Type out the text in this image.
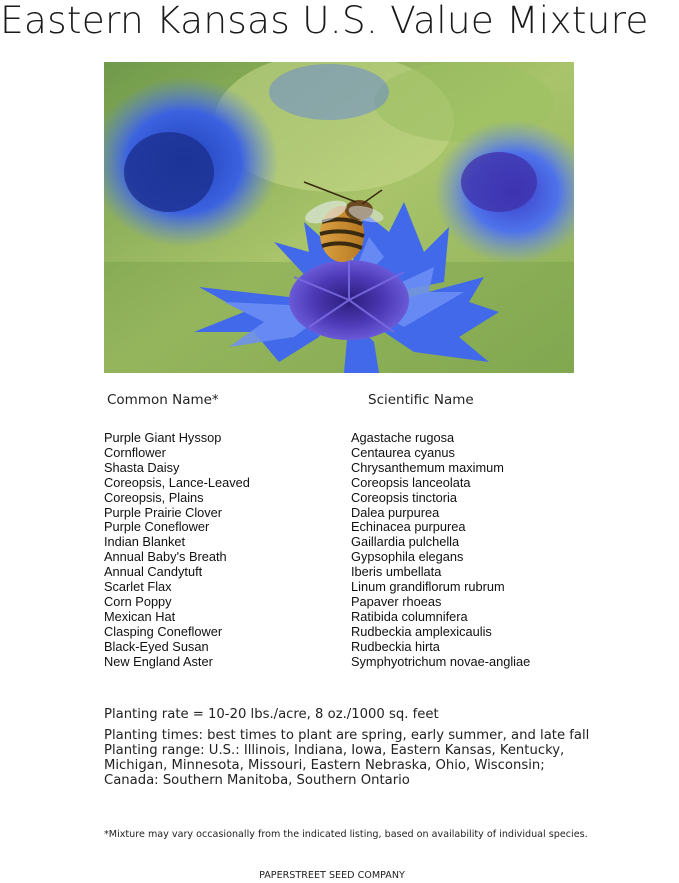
Eastern Kansas U.S. Value Mixture
Common Name*	Scientific Name
Purple Giant Hyssop
Cornflower
Shasta Daisy
Coreopsis, Lance-Leaved
Coreopsis, Plains
Purple Prairie Clover
Purple Coneflower
Indian Blanket
Annual Baby's Breath
Annual Candytuft
Scarlet Flax
Corn Poppy
Mexican Hat
Clasping Coneflower
Black-Eyed Susan
New England Aster
Agastache rugosa
Centaurea cyanus
Chrysanthemum maximum
Coreopsis lanceolata
Coreopsis tinctoria
Dalea purpurea
Echinacea purpurea
Gaillardia pulchella
Gypsophila elegans
Iberis umbellata
Linum grandiflorum rubrum
Papaver rhoeas
Ratibida columnifera
Rudbeckia amplexicaulis
Rudbeckia hirta
Symphyotrichum novae-angliae
Planting rate = 10-20 lbs./acre, 8 oz./1000 sq. feet
Planting times: best times to plant are spring, early summer, and late fall
Planting range: U.S.: Illinois, Indiana, Iowa, Eastern Kansas, Kentucky, Michigan, Minnesota, Missouri, Eastern Nebraska, Ohio, Wisconsin; Canada: Southern Manitoba, Southern Ontario
*Mixture may vary occasionally from the indicated listing, based on availability of individual species.
PAPERSTREET SEED COMPANY
